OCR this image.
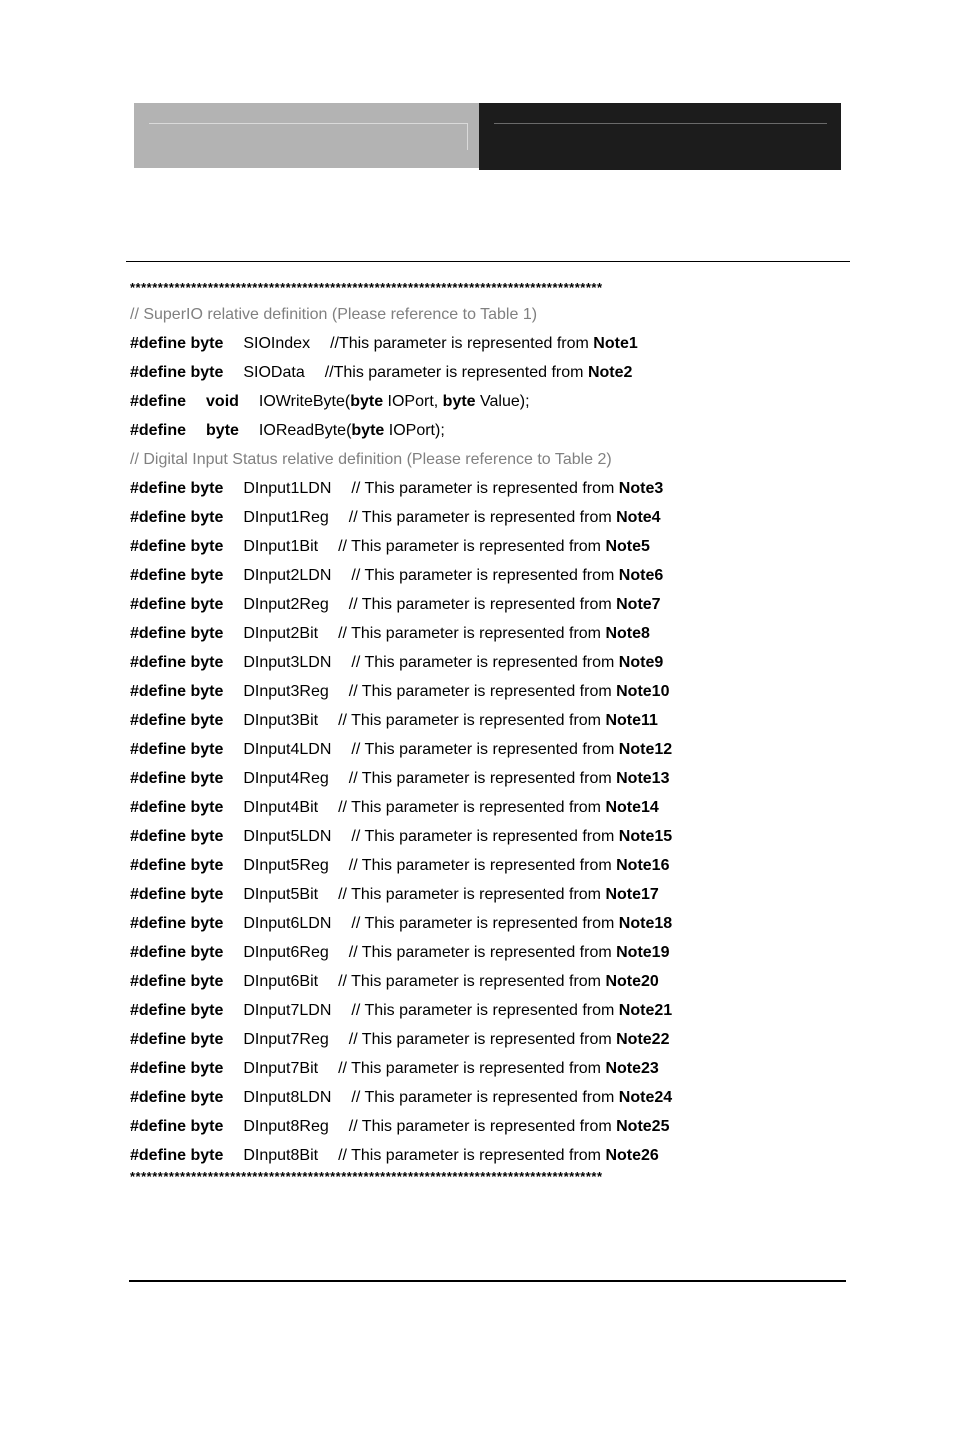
*************************************************************************************
// SuperIO relative definition (Please reference to Table 1)
#define byte SIOIndex //This parameter is represented from Note1
#define byte SIOData //This parameter is represented from Note2
#define void IOWriteByte(byte IOPort, byte Value);
#define byte IOReadByte(byte IOPort);
// Digital Input Status relative definition (Please reference to Table 2)
#define byte DInput1LDN // This parameter is represented from Note3
#define byte DInput1Reg // This parameter is represented from Note4
#define byte DInput1Bit // This parameter is represented from Note5
#define byte DInput2LDN // This parameter is represented from Note6
#define byte DInput2Reg // This parameter is represented from Note7
#define byte DInput2Bit // This parameter is represented from Note8
#define byte DInput3LDN // This parameter is represented from Note9
#define byte DInput3Reg // This parameter is represented from Note10
#define byte DInput3Bit // This parameter is represented from Note11
#define byte DInput4LDN // This parameter is represented from Note12
#define byte DInput4Reg // This parameter is represented from Note13
#define byte DInput4Bit // This parameter is represented from Note14
#define byte DInput5LDN // This parameter is represented from Note15
#define byte DInput5Reg // This parameter is represented from Note16
#define byte DInput5Bit // This parameter is represented from Note17
#define byte DInput6LDN // This parameter is represented from Note18
#define byte DInput6Reg // This parameter is represented from Note19
#define byte DInput6Bit // This parameter is represented from Note20
#define byte DInput7LDN // This parameter is represented from Note21
#define byte DInput7Reg // This parameter is represented from Note22
#define byte DInput7Bit // This parameter is represented from Note23
#define byte DInput8LDN // This parameter is represented from Note24
#define byte DInput8Reg // This parameter is represented from Note25
#define byte DInput8Bit // This parameter is represented from Note26
*************************************************************************************
